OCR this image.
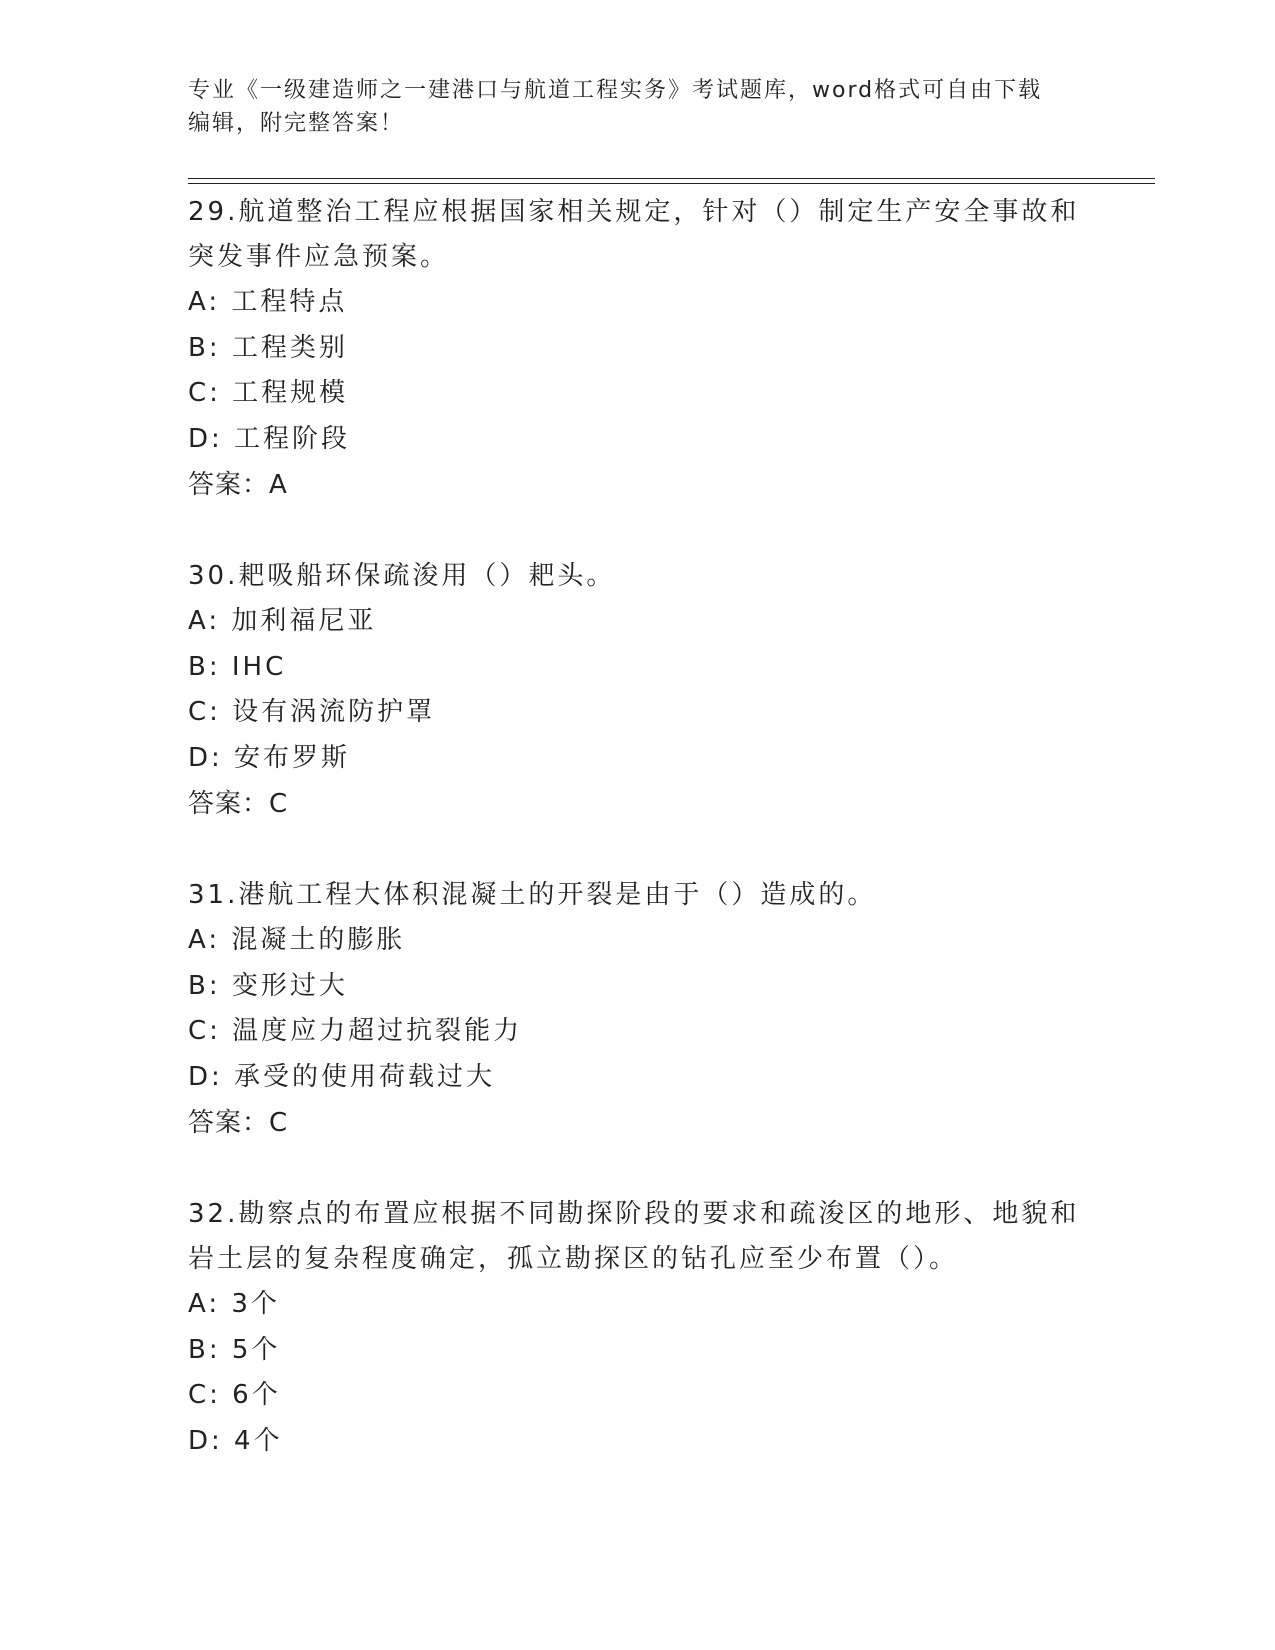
专业《一级建造师之一建港口与航道工程实务》考试题库，word格式可自由下载
编辑，附完整答案！

29.航道整治工程应根据国家相关规定，针对（）制定生产安全事故和

突发事件应急预案。

A: 工程特点

B: 工程类别

C: 工程规模

D: 工程阶段

答案：A

30.耙吸船环保疏浚用（）耙头。

A: 加利福尼亚

B: IHC

C: 设有涡流防护罩

D: 安布罗斯

答案：C

31.港航工程大体积混凝土的开裂是由于（）造成的。

A: 混凝土的膨胀

B: 变形过大

C: 温度应力超过抗裂能力

D: 承受的使用荷载过大

答案：C

32.勘察点的布置应根据不同勘探阶段的要求和疏浚区的地形、地貌和

岩土层的复杂程度确定，孤立勘探区的钻孔应至少布置（）。

A: 3个

B: 5个

C: 6个

D: 4个
